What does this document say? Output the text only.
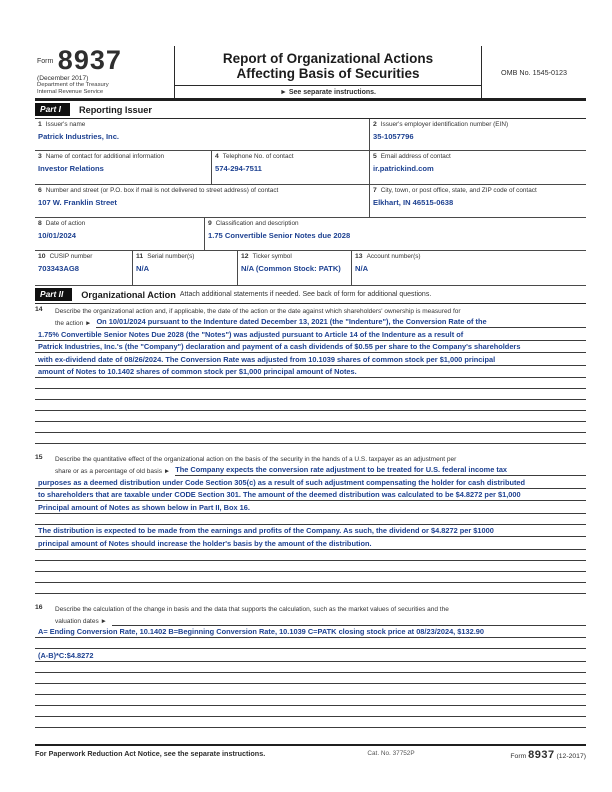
$^{Form}$ 8937
(December 2017)
Department of the Treasury
Internal Revenue Service
Report of Organizational Actions
Affecting Basis of Securities
► See separate instructions.
OMB No. 1545-0123
Part I	Reporting Issuer
1 Issuer's name
Patrick Industries, Inc.
2 Issuer's employer identification number (EIN)
35-1057796
3 Name of contact for additional information
Investor Relations
4 Telephone No. of contact
574-294-7511
5 Email address of contact
ir.patrickind.com
6 Number and street (or P.O. box if mail is not delivered to street address) of contact
107 W. Franklin Street
7 City, town, or post office, state, and ZIP code of contact
Elkhart, IN 46515-0638
8 Date of action
10/01/2024
9 Classification and description
1.75 Convertible Senior Notes due 2028
10 CUSIP number
703343AG8
11 Serial number(s)
N/A
12 Ticker symbol
N/A (Common Stock: PATK)
13 Account number(s)
N/A
Part II	Organizational Action Attach additional statements if needed. See back of form for additional questions.
14	Describe the organizational action and, if applicable, the date of the action or the date against which shareholders' ownership is measured for
the action ► On 10/01/2024 pursuant to the Indenture dated December 13, 2021 (the "Indenture"), the Conversion Rate of the
1.75% Convertible Senior Notes Due 2028 (the "Notes") was adjusted pursuant to Article 14 of the Indenture as a result of
Patrick Industries, Inc.'s (the "Company") declaration and payment of a cash dividends of $0.55 per share to the Company's shareholders
with ex-dividend date of 08/26/2024. The Conversion Rate was adjusted from 10.1039 shares of common stock per $1,000 principal
amount of Notes to 10.1402 shares of common stock per $1,000 principal amount of Notes.
15	Describe the quantitative effect of the organizational action on the basis of the security in the hands of a U.S. taxpayer as an adjustment per
share or as a percentage of old basis ► The Company expects the conversion rate adjustment to be treated for U.S. federal income tax
purposes as a deemed distribution under Code Section 305(c) as a result of such adjustment compensating the holder for cash distributed
to shareholders that are taxable under CODE Section 301. The amount of the deemed distribution was calculated to be $4.8272 per $1,000
Principal amount of Notes as shown below in Part II, Box 16.
The distribution is expected to be made from the earnings and profits of the Company. As such, the dividend or $4.8272 per $1000
principal amount of Notes should increase the holder's basis by the amount of the distribution.
16	Describe the calculation of the change in basis and the data that supports the calculation, such as the market values of securities and the
valuation dates ►
A= Ending Conversion Rate, 10.1402 B=Beginning Conversion Rate, 10.1039 C=PATK closing stock price at 08/23/2024, $132.90
(A-B)*C:$4.8272
For Paperwork Reduction Act Notice, see the separate instructions.	Cat. No. 37752P	Form 8937 (12-2017)
